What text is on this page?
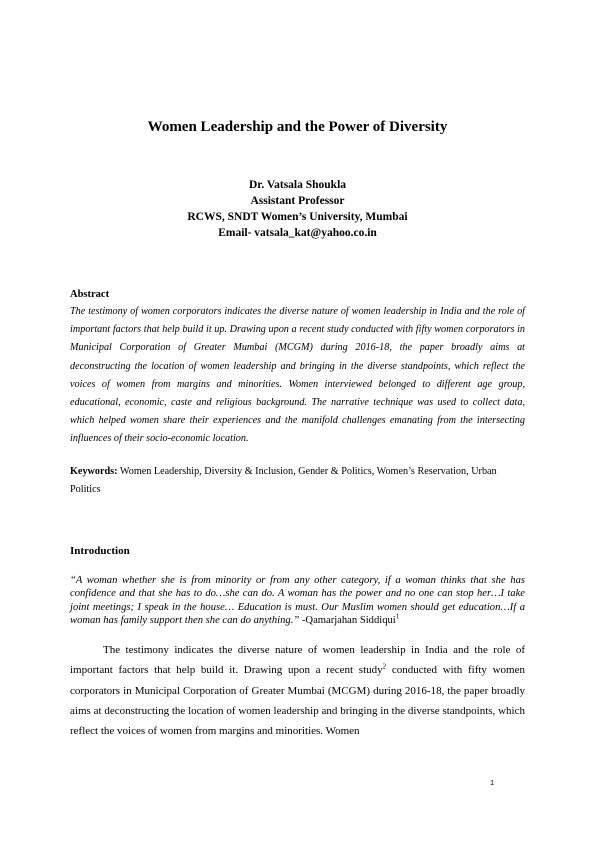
Women Leadership and the Power of Diversity
Dr. Vatsala Shoukla
Assistant Professor
RCWS, SNDT Women’s University, Mumbai
Email- vatsala_kat@yahoo.co.in
Abstract
The testimony of women corporators indicates the diverse nature of women leadership in India and the role of important factors that help build it up. Drawing upon a recent study conducted with fifty women corporators in Municipal Corporation of Greater Mumbai (MCGM) during 2016-18, the paper broadly aims at deconstructing the location of women leadership and bringing in the diverse standpoints, which reflect the voices of women from margins and minorities. Women interviewed belonged to different age group, educational, economic, caste and religious background. The narrative technique was used to collect data, which helped women share their experiences and the manifold challenges emanating from the intersecting influences of their socio-economic location.
Keywords: Women Leadership, Diversity & Inclusion, Gender & Politics, Women’s Reservation, Urban Politics
Introduction
“A woman whether she is from minority or from any other category, if a woman thinks that she has confidence and that she has to do…she can do. A woman has the power and no one can stop her…I take joint meetings; I speak in the house… Education is must. Our Muslim women should get education…If a woman has family support then she can do anything.” -Qamarjahan Siddiqui$^1$
The testimony indicates the diverse nature of women leadership in India and the role of important factors that help build it. Drawing upon a recent study$^2$ conducted with fifty women corporators in Municipal Corporation of Greater Mumbai (MCGM) during 2016-18, the paper broadly aims at deconstructing the location of women leadership and bringing in the diverse standpoints, which reflect the voices of women from margins and minorities. Women
1
